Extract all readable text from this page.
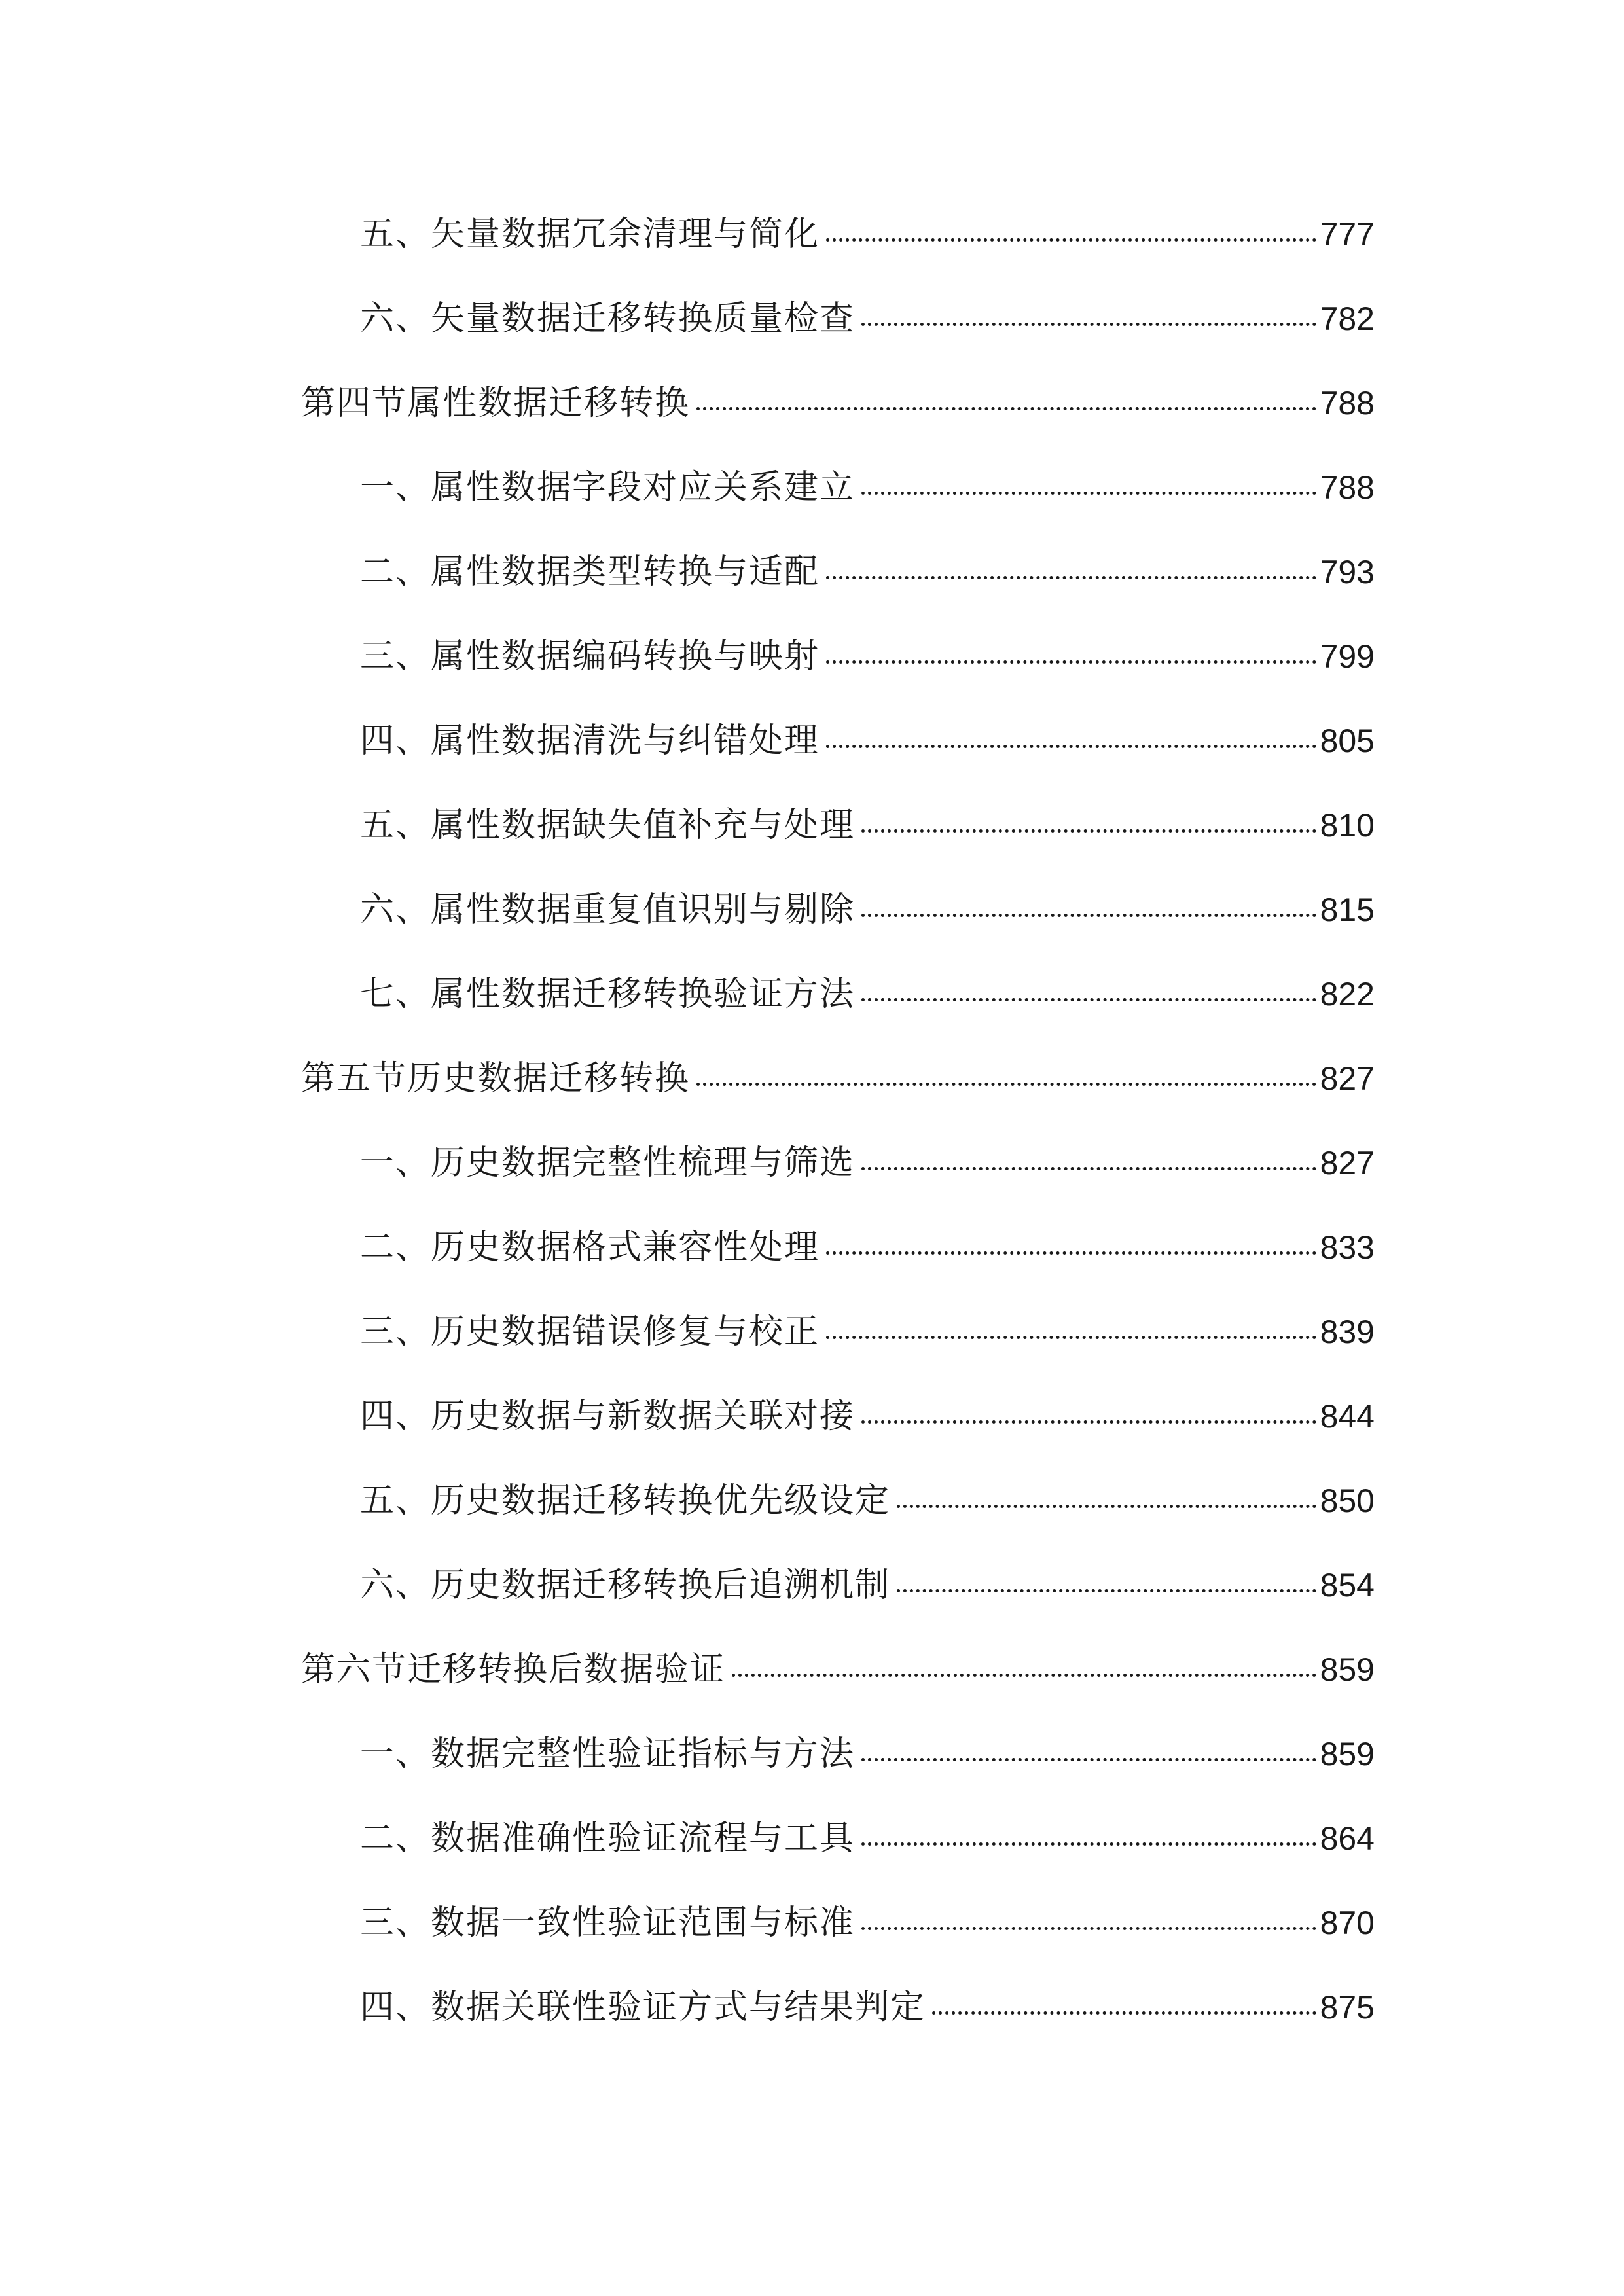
五、矢量数据冗余清理与简化	777
六、矢量数据迁移转换质量检查	782
第四节属性数据迁移转换	788
一、属性数据字段对应关系建立	788
二、属性数据类型转换与适配	793
三、属性数据编码转换与映射	799
四、属性数据清洗与纠错处理	805
五、属性数据缺失值补充与处理	810
六、属性数据重复值识别与剔除	815
七、属性数据迁移转换验证方法	822
第五节历史数据迁移转换	827
一、历史数据完整性梳理与筛选	827
二、历史数据格式兼容性处理	833
三、历史数据错误修复与校正	839
四、历史数据与新数据关联对接	844
五、历史数据迁移转换优先级设定	850
六、历史数据迁移转换后追溯机制	854
第六节迁移转换后数据验证	859
一、数据完整性验证指标与方法	859
二、数据准确性验证流程与工具	864
三、数据一致性验证范围与标准	870
四、数据关联性验证方式与结果判定	875
